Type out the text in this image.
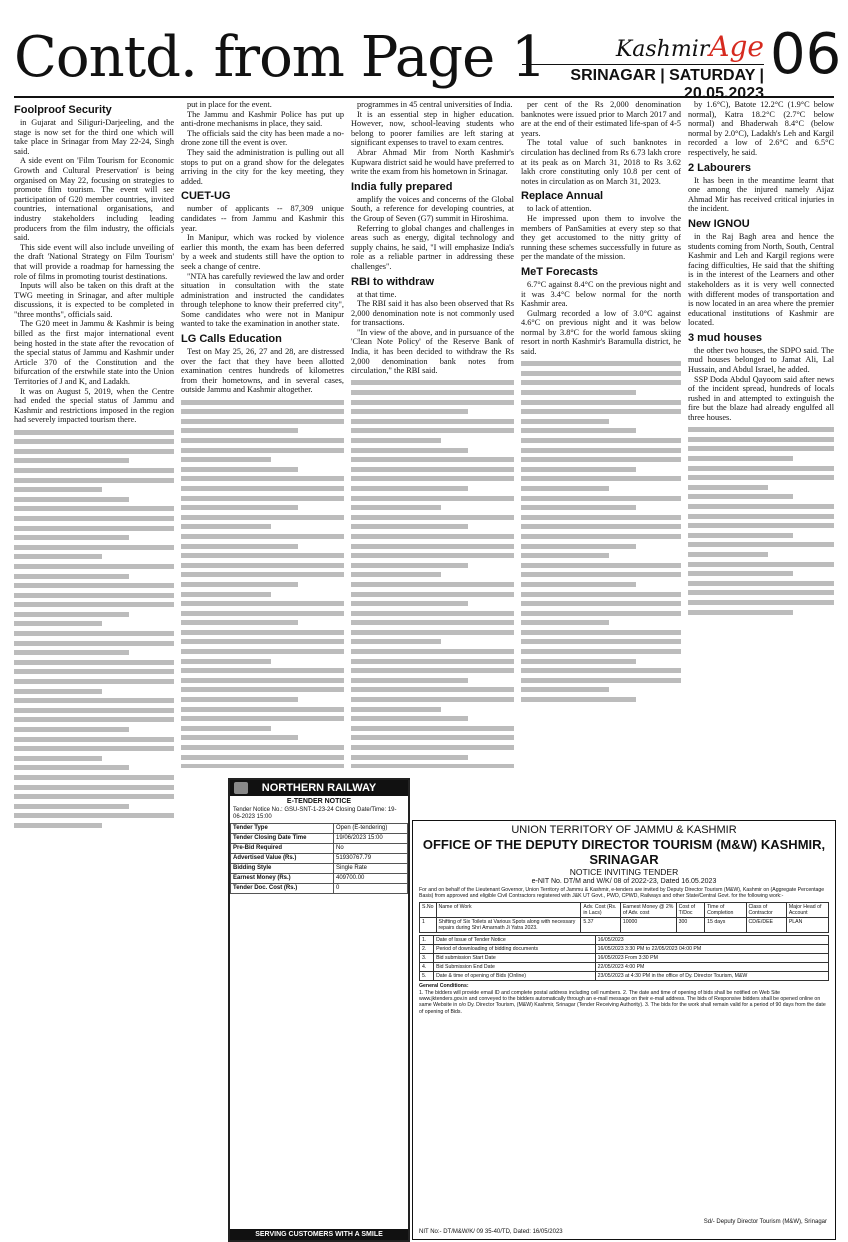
Contd. from Page 1	KashmirAge
SRINAGAR | SATURDAY | 20.05.2023
06
Foolproof Security

in Gujarat and Siliguri-Darjeeling, and the stage is now set for the third one which will take place in Srinagar from May 22-24, Singh said.

A side event on 'Film Tourism for Economic Growth and Cultural Preservation' is being organised on May 22, focusing on strategies to promote film tourism. The event will see participation of G20 member countries, invited countries, international organisations, and industry stakeholders including leading producers from the film industry, the officials said.

This side event will also include unveiling of the draft 'National Strategy on Film Tourism' that will provide a roadmap for harnessing the role of films in promoting tourist destinations.

Inputs will also be taken on this draft at the TWG meeting in Srinagar, and after multiple discussions, it is expected to be completed in "three months", officials said.

The G20 meet in Jammu & Kashmir is being billed as the first major international event being hosted in the state after the revocation of the special status of Jammu and Kashmir under Article 370 of the Constitution and the bifurcation of the erstwhile state into the Union Territories of J and K, and Ladakh.

It was on August 5, 2019, when the Centre had ended the special status of Jammu and Kashmir and restrictions imposed in the region had severely impacted tourism there.

put in place for the event.

The Jammu and Kashmir Police has put up anti-drone mechanisms in place, they said.

The officials said the city has been made a no-drone zone till the event is over.

They said the administration is pulling out all stops to put on a grand show for the delegates arriving in the city for the key meeting, they added.

CUET-UG

number of applicants -- 87,309 unique candidates -- from Jammu and Kashmir this year.

In Manipur, which was rocked by violence earlier this month, the exam has been deferred by a week and students still have the option to seek a change of centre.

"NTA has carefully reviewed the law and order situation in consultation with the state administration and instructed the candidates through telephone to know their preferred city", Some candidates who were not in Manipur wanted to take the examination in another state.

LG Calls Education

Test on May 25, 26, 27 and 28, are distressed over the fact that they have been allotted examination centres hundreds of kilometres from their hometowns, and in several cases, outside Jammu and Kashmir altogether.

programmes in 45 central universities of India.

It is an essential step in higher education. However, now, school-leaving students who belong to poorer families are left staring at significant expenses to travel to exam centres.

Abrar Ahmad Mir from North Kashmir's Kupwara district said he would have preferred to write the exam from his hometown in Srinagar.

India fully prepared

amplify the voices and concerns of the Global South, a reference for developing countries, at the Group of Seven (G7) summit in Hiroshima.

Referring to global changes and challenges in areas such as energy, digital technology and supply chains, he said, "I will emphasize India's role as a reliable partner in addressing these challenges".

RBI to withdraw

at that time.

The RBI said it has also been observed that Rs 2,000 denomination note is not commonly used for transactions.

"In view of the above, and in pursuance of the 'Clean Note Policy' of the Reserve Bank of India, it has been decided to withdraw the Rs 2,000 denomination bank notes from circulation," the RBI said.

per cent of the Rs 2,000 denomination banknotes were issued prior to March 2017 and are at the end of their estimated life-span of 4-5 years.

The total value of such banknotes in circulation has declined from Rs 6.73 lakh crore at its peak as on March 31, 2018 to Rs 3.62 lakh crore constituting only 10.8 per cent of notes in circulation as on March 31, 2023.

Replace Annual

to lack of attention.

He impressed upon them to involve the members of PanSamities at every step so that they get accustomed to the nitty gritty of running these schemes successfully in future as per the mandate of the mission.

MeT Forecasts

6.7°C against 8.4°C on the previous night and it was 3.4°C below normal for the north Kashmir area.

Gulmarg recorded a low of 3.0°C against 4.6°C on previous night and it was below normal by 3.8°C for the world famous skiing resort in north Kashmir's Baramulla district, he said.

by 1.6°C), Batote 12.2°C (1.9°C below normal), Katra 18.2°C (2.7°C below normal) and Bhaderwah 8.4°C (below normal by 2.0°C), Ladakh's Leh and Kargil recorded a low of 2.6°C and 6.5°C respectively, he said.

2 Labourers

It has been in the meantime learnt that one among the injured namely Aijaz Ahmad Mir has received critical injuries in the incident.

New IGNOU

in the Raj Bagh area and hence the students coming from North, South, Central Kashmir and Leh and Kargil regions were facing difficulties, He said that the shifting is in the interest of the Learners and other stakeholders as it is very well connected with different modes of transportation and is now located in an area where the premier educational institutions of Kashmir are located.

3 mud houses

the other two houses, the SDPO said. The mud houses belonged to Jamat Ali, Lal Hussain, and Abdul Israel, he added.

SSP Doda Abdul Qayoom said after news of the incident spread, hundreds of locals rushed in and attempted to extinguish the fire but the blaze had already engulfed all three houses.

NORTHERN RAILWAY
E-TENDER NOTICE
Tender Notice No.: GSU-SNT-1-23-24 Closing Date/Time: 19-06-2023 15:00
Tender Type	Open (E-tendering)
Tender Closing Date Time	19/06/2023 15:00
Pre-Bid Required	No
Advertised Value (Rs.)	51930767.79
Bidding Style	Single Rate
Earnest Money (Rs.)	409700.00
Tender Doc. Cost (Rs.)	0
SERVING CUSTOMERS WITH A SMILE
UNION TERRITORY OF JAMMU & KASHMIR
OFFICE OF THE DEPUTY DIRECTOR TOURISM (M&W) KASHMIR, SRINAGAR
NOTICE INVITING TENDER
e-NIT No. DT/M and W/K/ 08 of 2022-23, Dated 16.05.2023

For and on behalf of the Lieutenant Governor, Union Territory of Jammu & Kashmir, e-tenders are invited by Deputy Director Tourism (M&W), Kashmir on (Aggregate Percentage Basis) from approved and eligible Civil Contractors registered with J&K UT Govt., PWD, CPWD, Railways and other State/Central Govt. for the following work:-

S.No	Name of Work	Adv. Cost (Rs. in Lacs)	Earnest Money @ 2% of Adv. cost	Cost of T/Doc	Time of Completion	Class of Contractor	Major Head of Account
1	Shifting of Six Toilets at Various Spots along with necessary repairs during Shri Amarnath Ji Yatra 2023.	5.37	10000	300	15 days	CD/E/DEE	PLAN
1.	Date of Issue of Tender Notice	16/05/2023
2.	Period of downloading of bidding documents	16/05/2023 3:30 PM to 22/05/2023 04:00 PM
3.	Bid submission Start Date	16/05/2023 From 3:30 PM
4.	Bid Submission End Date	22/05/2023 4:00 PM
5.	Date & time of opening of Bids (Online)	23/05/2023 at 4:30 PM in the office of Dy. Director Tourism, M&W

General Conditions:

1. The bidders will provide email ID and complete postal address including cell numbers. 2. The date and time of opening of bids shall be notified on Web Site www.jktenders.gov.in and conveyed to the bidders automatically through an e-mail message on their e-mail address. The bids of Responsive bidders shall be opened online on same Website in o/o Dy. Director Tourism, (M&W) Kashmir, Srinagar (Tender Receiving Authority). 3. The bids for the work shall remain valid for a period of 90 days from the date of opening of Bids.

Sd/- Deputy Director Tourism (M&W), Srinagar
NIT No:- DT/M&W/K/ 09 35-40/TD, Dated: 16/05/2023
